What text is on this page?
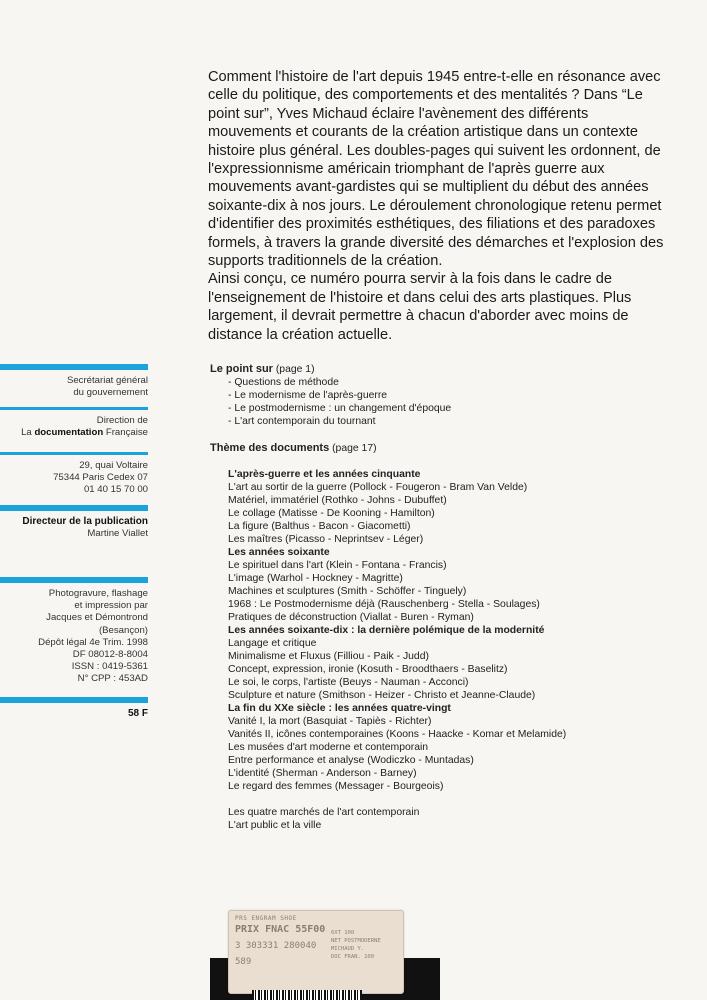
Comment l'histoire de l'art depuis 1945 entre-t-elle en résonance avec celle du politique, des comportements et des mentalités ? Dans “Le point sur”, Yves Michaud éclaire l'avènement des différents mouvements et courants de la création artistique dans un contexte histoire plus général. Les doubles-pages qui suivent les ordonnent, de l'expressionnisme américain triomphant de l'après guerre aux mouvements avant-gardistes qui se multiplient du début des années soixante-dix à nos jours. Le déroulement chronologique retenu permet d'identifier des proximités esthétiques, des filiations et des paradoxes formels, à travers la grande diversité des démarches et l'explosion des supports traditionnels de la création.

Ainsi conçu, ce numéro pourra servir à la fois dans le cadre de l'enseignement de l'histoire et dans celui des arts plastiques. Plus largement, il devrait permettre à chacun d'aborder avec moins de distance la création actuelle.

Secrétariat général
du gouvernement
Direction de
La documentation Française
29, quai Voltaire
75344 Paris Cedex 07
01 40 15 70 00
Directeur de la publication
Martine Viallet
Photogravure, flashage
et impression par
Jacques et Démontrond
(Besançon)
Dépôt légal 4e Trim. 1998
DF 08012-8-8004
ISSN : 0419-5361
N° CPP : 453AD
58 F
Le point sur (page 1)
- Questions de méthode
- Le modernisme de l'après-guerre
- Le postmodernisme : un changement d'époque
- L'art contemporain du tournant
Thème des documents (page 17)
L'après-guerre et les années cinquante
L'art au sortir de la guerre (Pollock - Fougeron - Bram Van Velde)
Matériel, immatériel (Rothko - Johns - Dubuffet)
Le collage (Matisse - De Kooning - Hamilton)
La figure (Balthus - Bacon - Giacometti)
Les maîtres (Picasso - Neprintsev - Léger)
Les années soixante
Le spirituel dans l'art (Klein - Fontana - Francis)
L'image (Warhol - Hockney - Magritte)
Machines et sculptures (Smith - Schöffer - Tinguely)
1968 : Le Postmodernisme déjà (Rauschenberg - Stella - Soulages)
Pratiques de déconstruction (Viallat - Buren - Ryman)
Les années soixante-dix : la dernière polémique de la modernité
Langage et critique
Minimalisme et Fluxus (Filliou - Paik - Judd)
Concept, expression, ironie (Kosuth - Broodthaers - Baselitz)
Le soi, le corps, l'artiste (Beuys - Nauman - Acconci)
Sculpture et nature (Smithson - Heizer - Christo et Jeanne-Claude)
La fin du XXe siècle : les années quatre-vingt
Vanité I, la mort (Basquiat - Tapiès - Richter)
Vanités II, icônes contemporaines (Koons - Haacke - Komar et Melamide)
Les musées d'art moderne et contemporain
Entre performance et analyse (Wodiczko - Muntadas)
L'identité (Sherman - Anderson - Barney)
Le regard des femmes (Messager - Bourgeois)
Les quatre marchés de l'art contemporain
L'art public et la ville
PRS ENGRAM SHOE
PRIX FNAC 55F00
3 303331 280040
589
6XT 100
NET POSTMODERNE
MICHAUD Y.
DOC FRAN. 100
